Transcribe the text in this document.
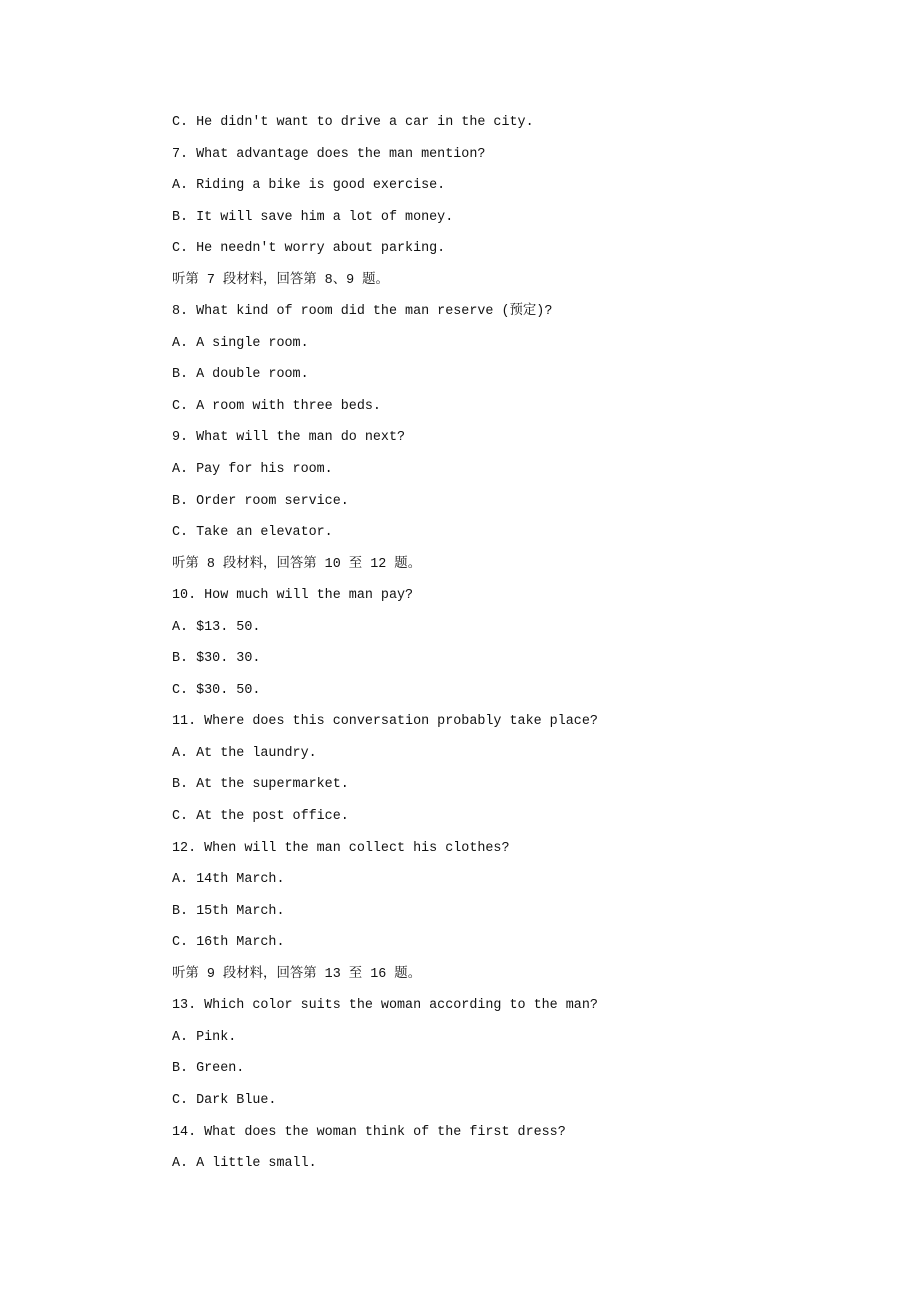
C. He didn't want to drive a car in the city.
7. What advantage does the man mention?
A. Riding a bike is good exercise.
B. It will save him a lot of money.
C. He needn't worry about parking.
听第 7 段材料，回答第 8、9 题。
8. What kind of room did the man reserve (预定)?
A. A single room.
B. A double room.
C. A room with three beds.
9. What will the man do next?
A. Pay for his room.
B. Order room service.
C. Take an elevator.
听第 8 段材料，回答第 10 至 12 题。
10. How much will the man pay?
A. $13. 50.
B. $30. 30.
C. $30. 50.
11. Where does this conversation probably take place?
A. At the laundry.
B. At the supermarket.
C. At the post office.
12. When will the man collect his clothes?
A. 14th March.
B. 15th March.
C. 16th March.
听第 9 段材料，回答第 13 至 16 题。
13. Which color suits the woman according to the man?
A. Pink.
B. Green.
C. Dark Blue.
14. What does the woman think of the first dress?
A. A little small.
